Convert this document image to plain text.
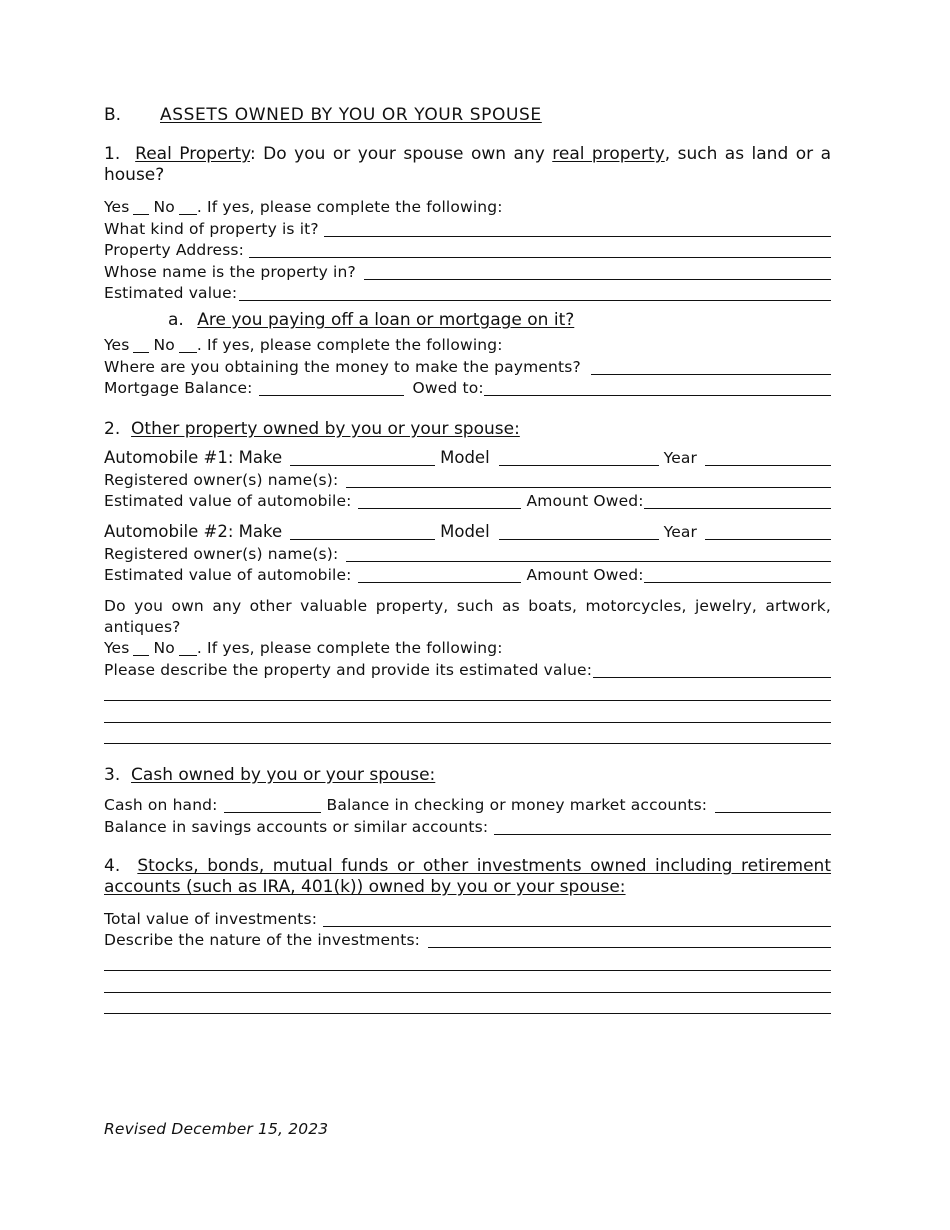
B. ASSETS OWNED BY YOU OR YOUR SPOUSE
1. Real Property: Do you or your spouse own any real property, such as land or a house?
Yes No . If yes, please complete the following:
What kind of property is it?
Property Address:
Whose name is the property in?
Estimated value:
a. Are you paying off a loan or mortgage on it?
Yes No . If yes, please complete the following:
Where are you obtaining the money to make the payments?
Mortgage Balance:	Owed to:
2. Other property owned by you or your spouse:
Automobile #1: Make	Model	Year
Registered owner(s) name(s):
Estimated value of automobile:	Amount Owed:
Automobile #2: Make	Model	Year
Registered owner(s) name(s):
Estimated value of automobile:	Amount Owed:
Do you own any other valuable property, such as boats, motorcycles, jewelry, artwork, antiques?
Yes No . If yes, please complete the following:
Please describe the property and provide its estimated value:
3. Cash owned by you or your spouse:
Cash on hand:	Balance in checking or money market accounts:
Balance in savings accounts or similar accounts:
4. Stocks, bonds, mutual funds or other investments owned including retirement accounts (such as IRA, 401(k)) owned by you or your spouse:
Total value of investments:
Describe the nature of the investments:
Revised December 15, 2023
